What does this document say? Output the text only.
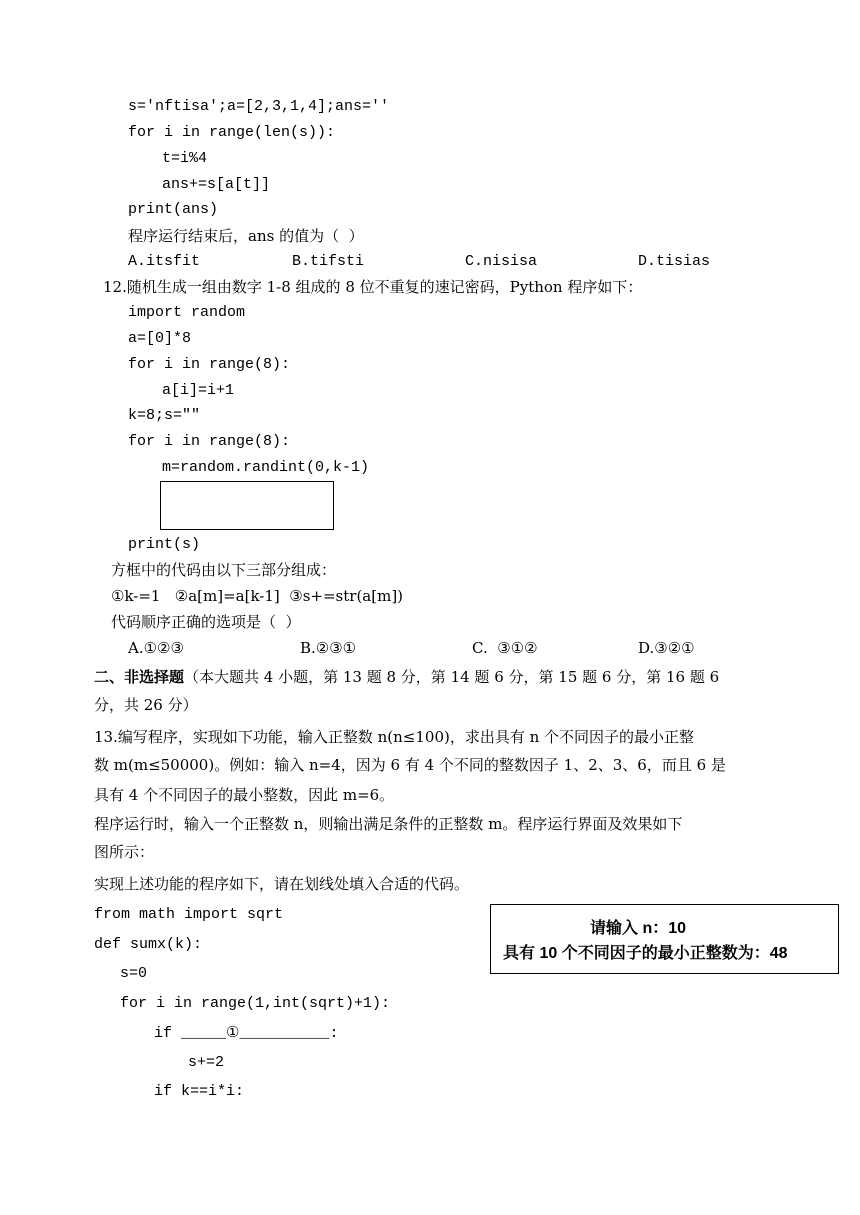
s='nftisa';a=[2,3,1,4];ans=''
for i in range(len(s)):
t=i%4
ans+=s[a[t]]
print(ans)
程序运行结束后，ans 的值为（  ）
A.itsfit	B.tifsti	C.nisisa	D.tisias
12.随机生成一组由数字 1-8 组成的 8 位不重复的速记密码，Python 程序如下：
import random
a=[0]*8
for i in range(8):
a[i]=i+1
k=8;s=""
for i in range(8):
m=random.randint(0,k-1)
print(s)
方框中的代码由以下三部分组成：
①k-=1   ②a[m]=a[k-1]  ③s+=str(a[m])
代码顺序正确的选项是（  ）
A.①②③	B.②③①	C.  ③①②	D.③②①
二、非选择题（本大题共 4 小题，第 13 题 8 分，第 14 题 6 分，第 15 题 6 分，第 16 题 6
分，共 26 分）
13.编写程序，实现如下功能，输入正整数 n(n≤100)，求出具有 n 个不同因子的最小正整
数 m(m≤50000)。例如：输入 n=4，因为 6 有 4 个不同的整数因子 1、2、3、6，而且 6 是
具有 4 个不同因子的最小整数，因此 m=6。
程序运行时，输入一个正整数 n，则输出满足条件的正整数 m。程序运行界面及效果如下
图所示：
实现上述功能的程序如下，请在划线处填入合适的代码。
from math import sqrt
def sumx(k):
s=0
for i in range(1,int(sqrt)+1):
if _____①__________:
s+=2
if k==i*i:
请输入 n：10
具有 10 个不同因子的最小正整数为：48
